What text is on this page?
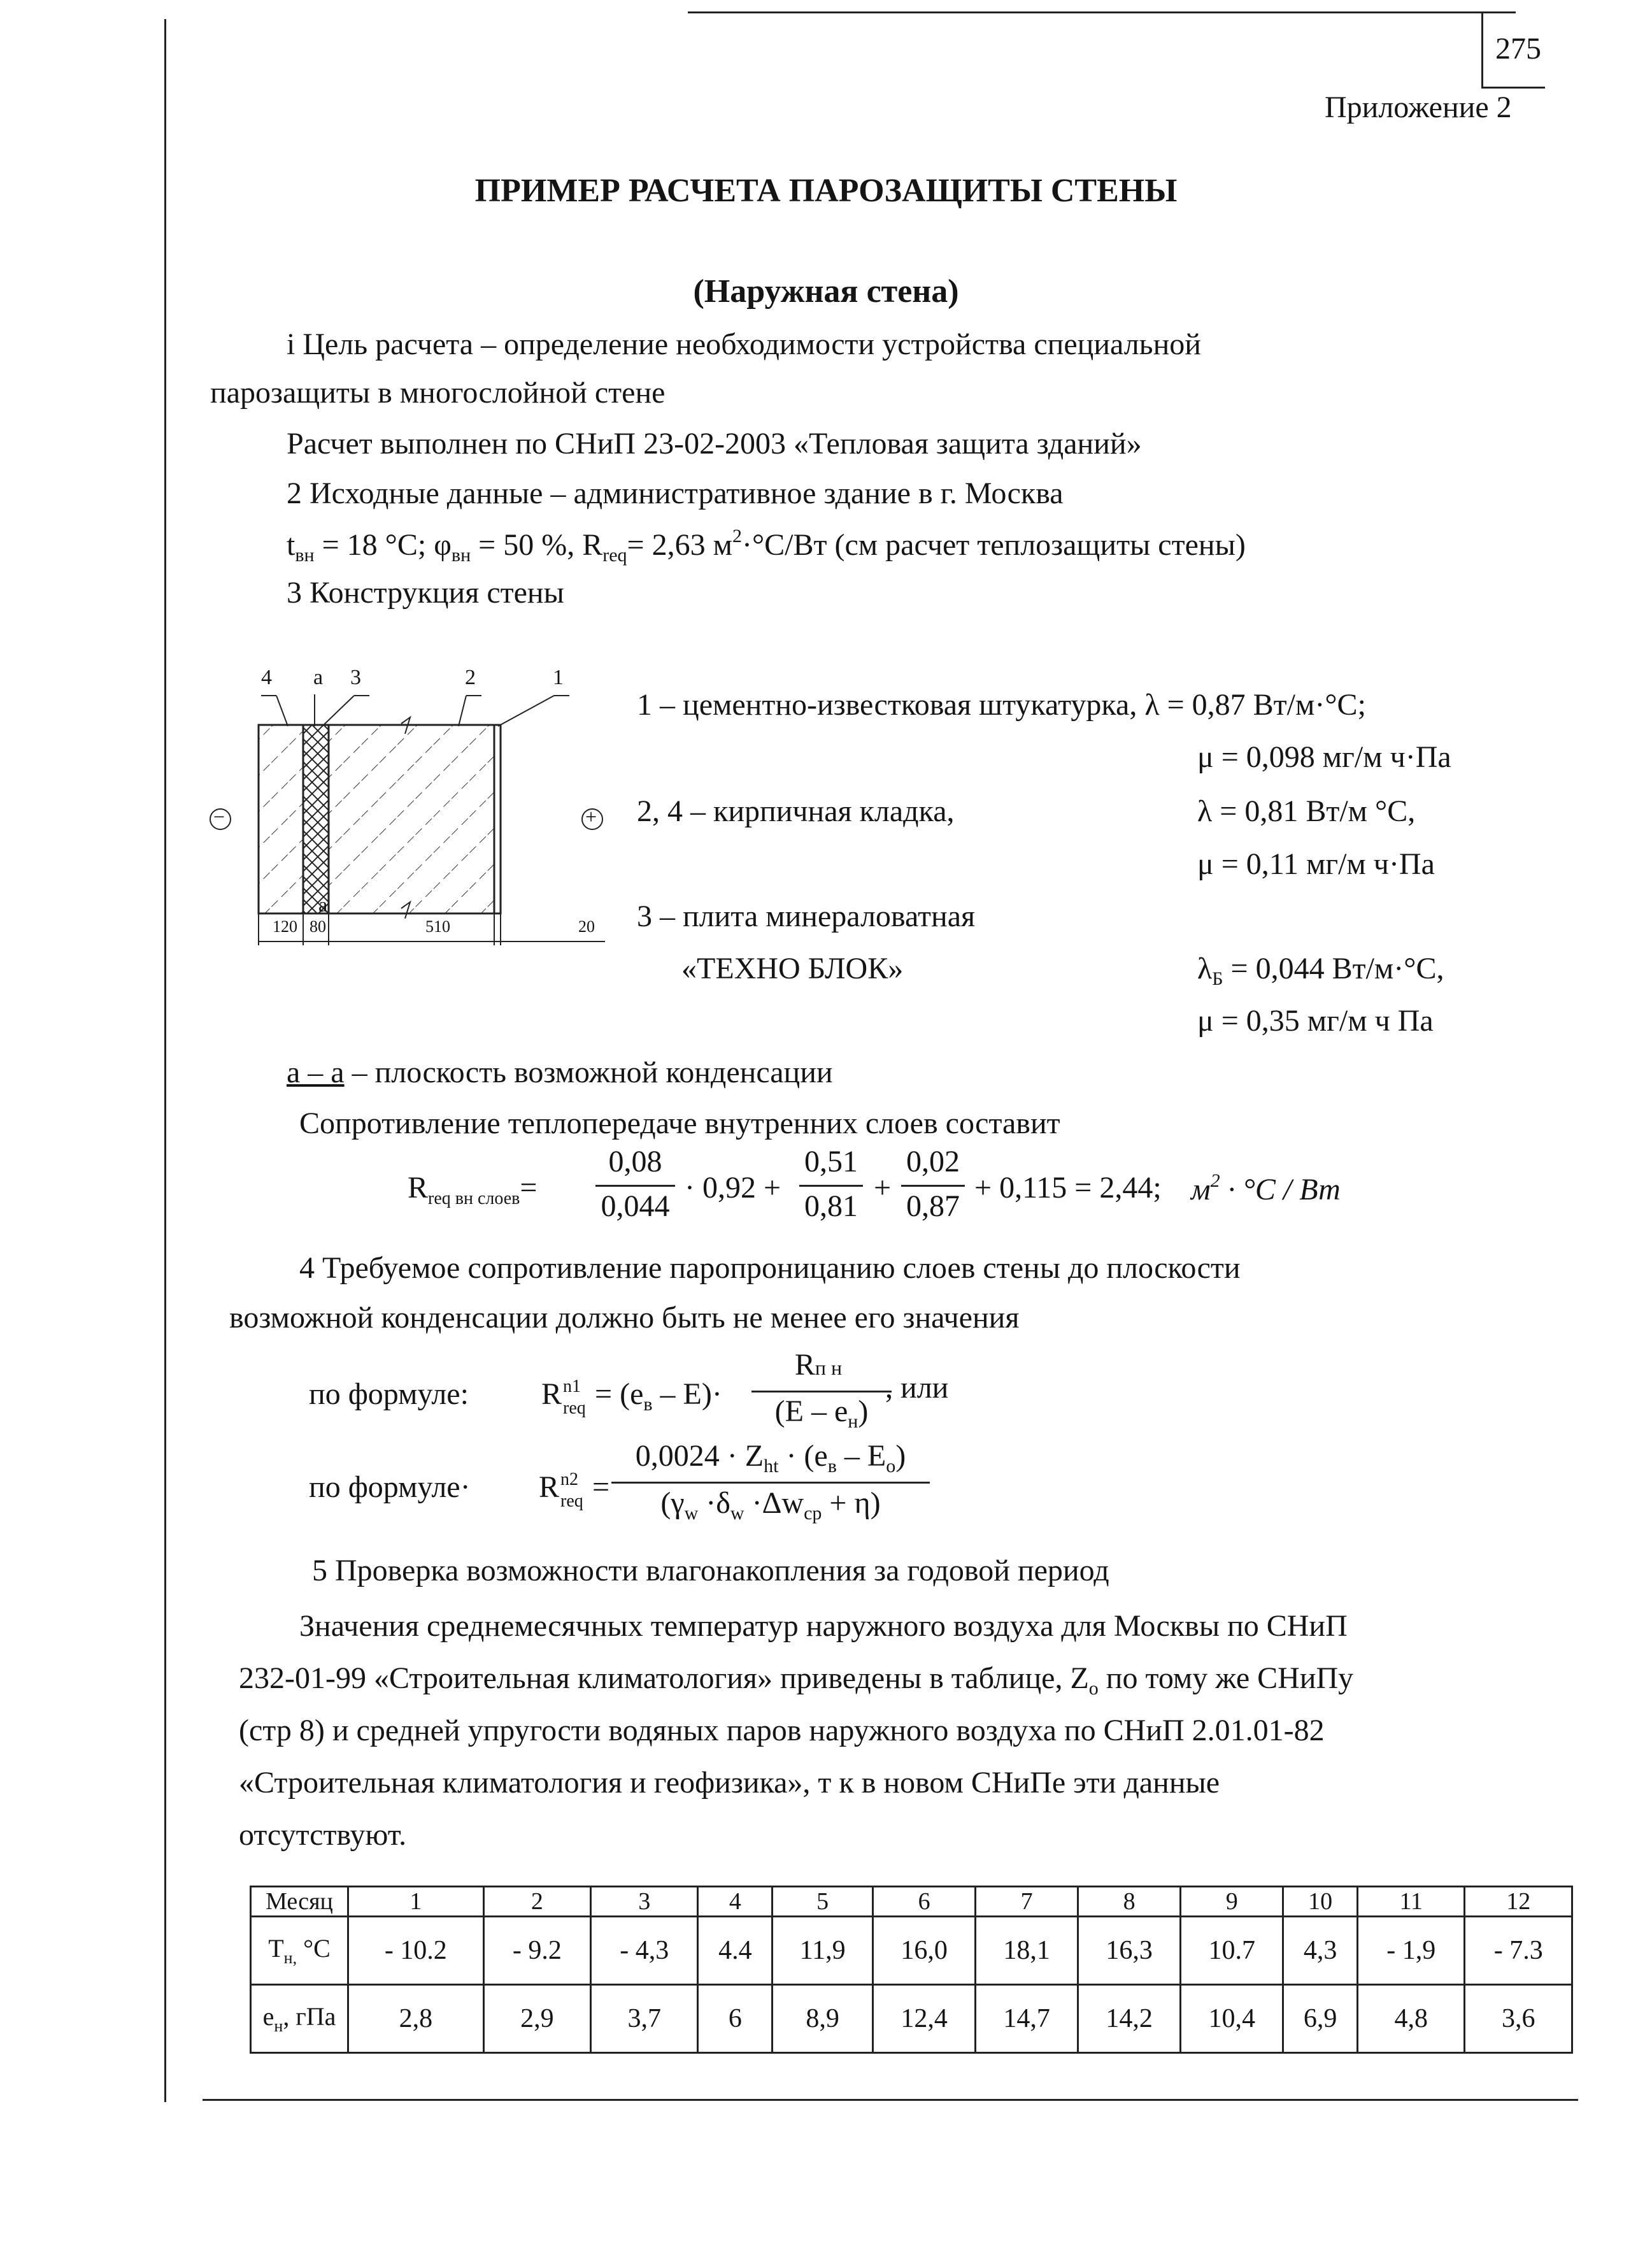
275
Приложение 2
ПРИМЕР РАСЧЕТА ПАРОЗАЩИТЫ СТЕНЫ
(Наружная стена)
i Цель расчета – определение необходимости устройства специальной
парозащиты в многослойной стене
Расчет выполнен по СНиП 23-02-2003 «Тепловая защита зданий»
2 Исходные данные – административное здание в г. Москва
$t_{вн} = 18$ °С; $\varphi_{вн} = 50$ %, $R_{req}= 2,63$ $м^2\cdot^\circ С/Вт$ (см расчет теплозащиты стены)
3 Конструкция стены
4 а 3	2	1
а
−	+
120 80	510	20
1 – цементно-известковая штукатурка, λ = 0,87 Вт/м·°С;
μ = 0,098 мг/м ч·Па
2, 4 – кирпичная кладка,	λ = 0,81 Вт/м °С,
μ = 0,11 мг/м ч·Па
3 – плита минераловатная
«ТЕХНО БЛОК»	$\lambda_Б = 0,044$ Вт/м·°С,
μ = 0,35 мг/м ч Па
а – а – плоскость возможной конденсации
Сопротивление теплопередаче внутренних слоев составит
$R_{req вн слоев}=$
0,08
0,044
· 0,92 +
0,51
0,81
+
0,02
0,87
+ 0,115 = 2,44; $м^2 \cdot ^\circ С$ / Вт
4 Требуемое сопротивление паропроницанию слоев стены до плоскости
возможной конденсации должно быть не менее его значения
по формуле: R n1
req = $(e_в - E)\cdot$
Rп н
$(E - e_н)$
, или
по формуле· R n2
req =
$0,0024 \cdot Z_{ht} \cdot (e_в - E_o)$
$(\gamma_w \cdot\delta_w \cdot\Delta w_{cp} + \eta)$
5 Проверка возможности влагонакопления за годовой период
Значения среднемесячных температур наружного воздуха для Москвы по СНиП
232-01-99 «Строительная климатология» приведены в таблице, $Z_o$ по тому же СНиПу
(стр 8) и средней упругости водяных паров наружного воздуха по СНиП 2.01.01-82
«Строительная климатология и геофизика», т к в новом СНиПе эти данные
отсутствуют.
Месяц	1	2	3	4	5	6	7	8	9	10	11	12
$Т_{н,}$ °С	- 10.2	- 9.2	- 4,3	4.4	11,9	16,0	18,1	16,3	10.7	4,3	- 1,9	- 7.3
$e_н$, гПа	2,8	2,9	3,7	6	8,9	12,4	14,7	14,2	10,4	6,9	4,8	3,6
